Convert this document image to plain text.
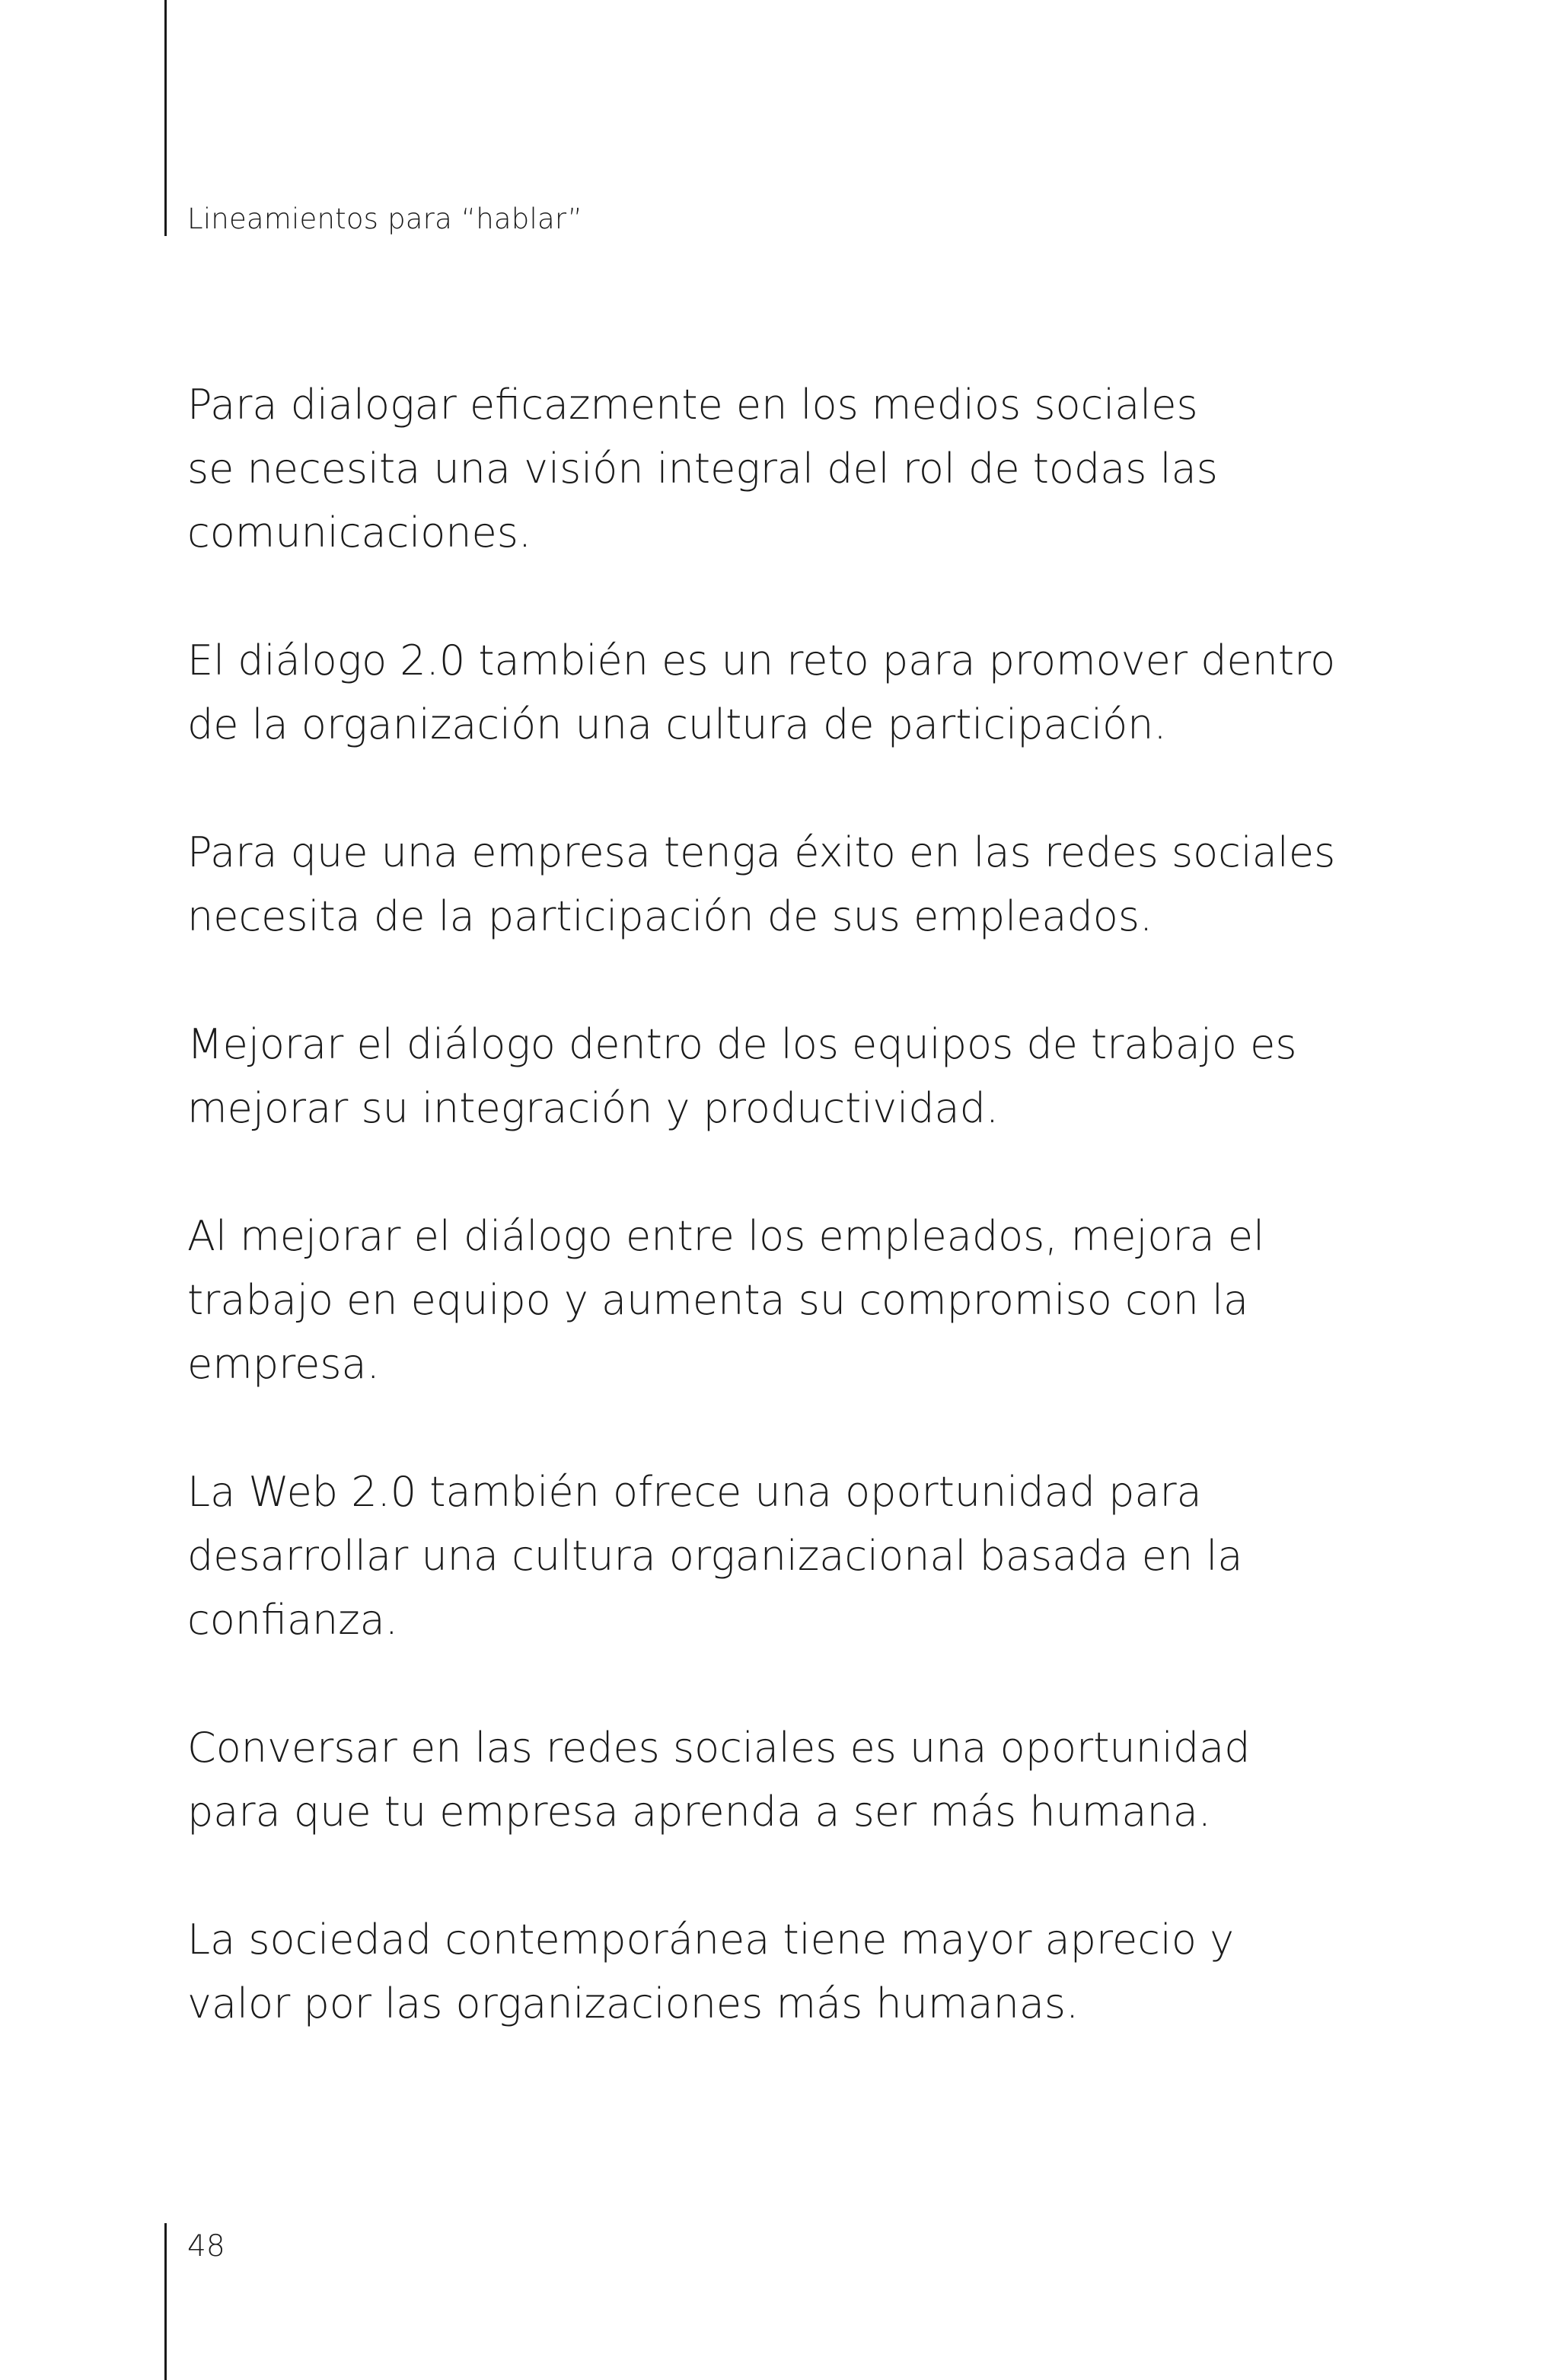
Lineamientos para “hablar”
Para dialogar eficazmente en los medios sociales
se necesita una visión integral del rol de todas las
comunicaciones.
El diálogo 2.0 también es un reto para promover dentro
de la organización una cultura de participación.
Para que una empresa tenga éxito en las redes sociales
necesita de la participación de sus empleados.
Mejorar el diálogo dentro de los equipos de trabajo es
mejorar su integración y productividad.
Al mejorar el diálogo entre los empleados, mejora el
trabajo en equipo y aumenta su compromiso con la
empresa.
La Web 2.0 también ofrece una oportunidad para
desarrollar una cultura organizacional basada en la
confianza.
Conversar en las redes sociales es una oportunidad
para que tu empresa aprenda a ser más humana.
La sociedad contemporánea tiene mayor aprecio y
valor por las organizaciones más humanas.
48
